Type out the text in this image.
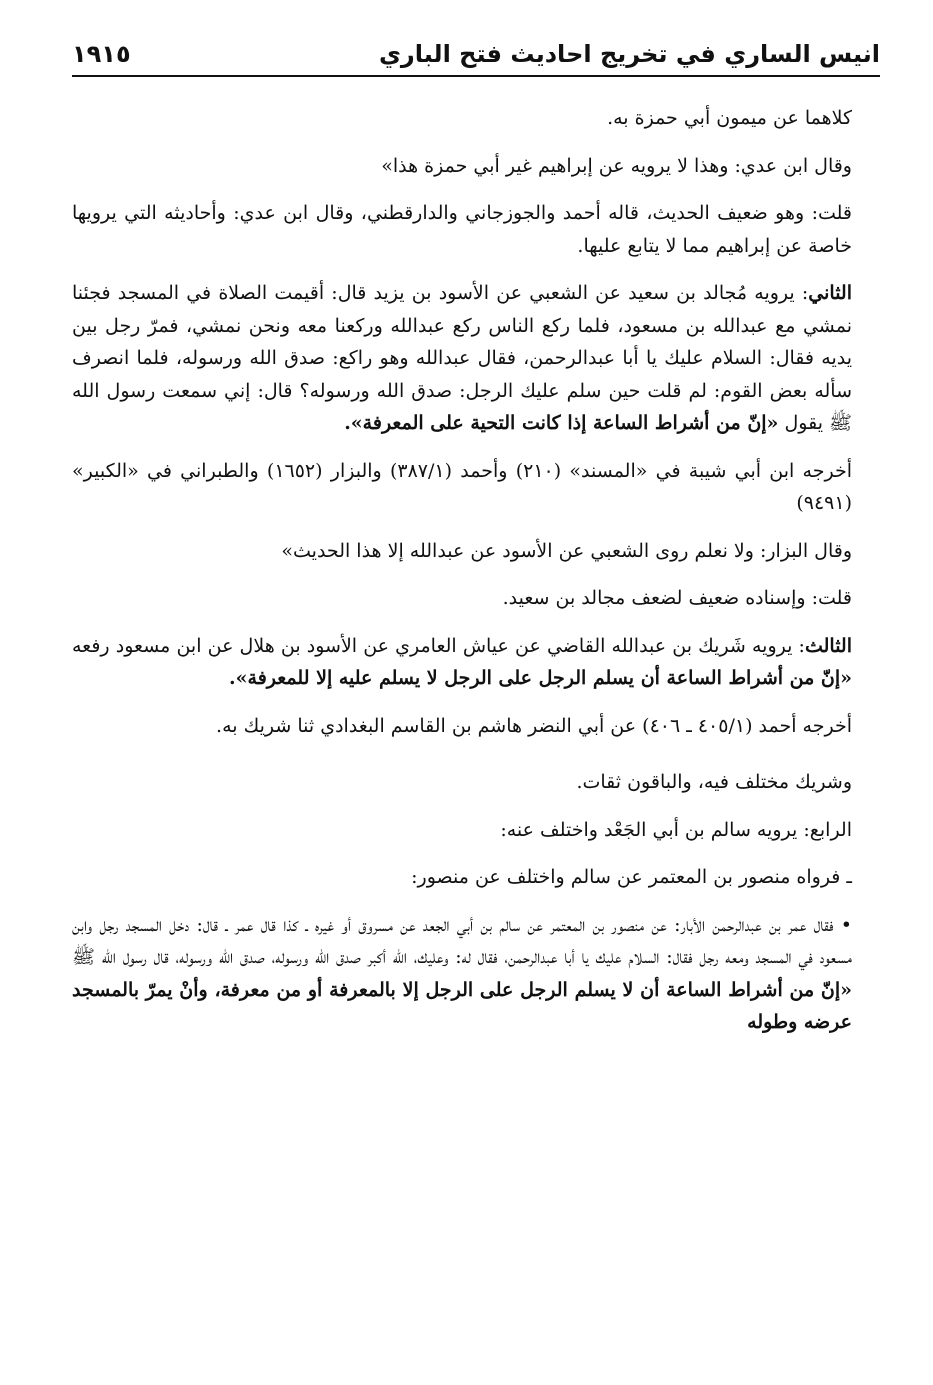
انيس الساري في تخريج احاديث فتح الباري
١٩١٥

كلاهما عن ميمون أبي حمزة به.

وقال ابن عدي: وهذا لا يرويه عن إبراهيم غير أبي حمزة هذا»

قلت: وهو ضعيف الحديث، قاله أحمد والجوزجاني والدارقطني، وقال ابن عدي: وأحاديثه التي يرويها خاصة عن إبراهيم مما لا يتابع عليها.

الثاني: يرويه مُجالد بن سعيد عن الشعبي عن الأسود بن يزيد قال: أقيمت الصلاة في المسجد فجئنا نمشي مع عبدالله بن مسعود، فلما ركع الناس ركع عبدالله وركعنا معه ونحن نمشي، فمرّ رجل بين يديه فقال: السلام عليك يا أبا عبدالرحمن، فقال عبدالله وهو راكع: صدق الله ورسوله، فلما انصرف سأله بعض القوم: لم قلت حين سلم عليك الرجل: صدق الله ورسوله؟ قال: إني سمعت رسول الله ﷺ يقول «إنّ من أشراط الساعة إذا كانت التحية على المعرفة».

أخرجه ابن أبي شيبة في «المسند» (٢١٠) وأحمد (٣٨٧/١) والبزار (١٦٥٢) والطبراني في «الكبير» (٩٤٩١)

وقال البزار: ولا نعلم روى الشعبي عن الأسود عن عبدالله إلا هذا الحديث»

قلت: وإسناده ضعيف لضعف مجالد بن سعيد.

الثالث: يرويه شَريك بن عبدالله القاضي عن عياش العامري عن الأسود بن هلال عن ابن مسعود رفعه «إنّ من أشراط الساعة أن يسلم الرجل على الرجل لا يسلم عليه إلا للمعرفة».

أخرجه أحمد (٤٠٥/١ ـ ٤٠٦) عن أبي النضر هاشم بن القاسم البغدادي ثنا شريك به.

وشريك مختلف فيه، والباقون ثقات.

الرابع: يرويه سالم بن أبي الجَعْد واختلف عنه:

ـ فرواه منصور بن المعتمر عن سالم واختلف عن منصور:

• فقال عمر بن عبدالرحمن الأبار: عن منصور بن المعتمر عن سالم بن أبي الجعد عن مسروق أو غيره ـ كذا قال عمر ـ قال: دخل المسجد رجل وابن مسعود في المسجد ومعه رجل فقال: السلام عليك يا أبا عبدالرحمن، فقال له: وعليك، الله أكبر صدق الله ورسوله، صدق الله ورسوله، قال رسول الله ﷺ «إنّ من أشراط الساعة أن لا يسلم الرجل على الرجل إلا بالمعرفة أو من معرفة، وأنْ يمرّ بالمسجد عرضه وطوله
